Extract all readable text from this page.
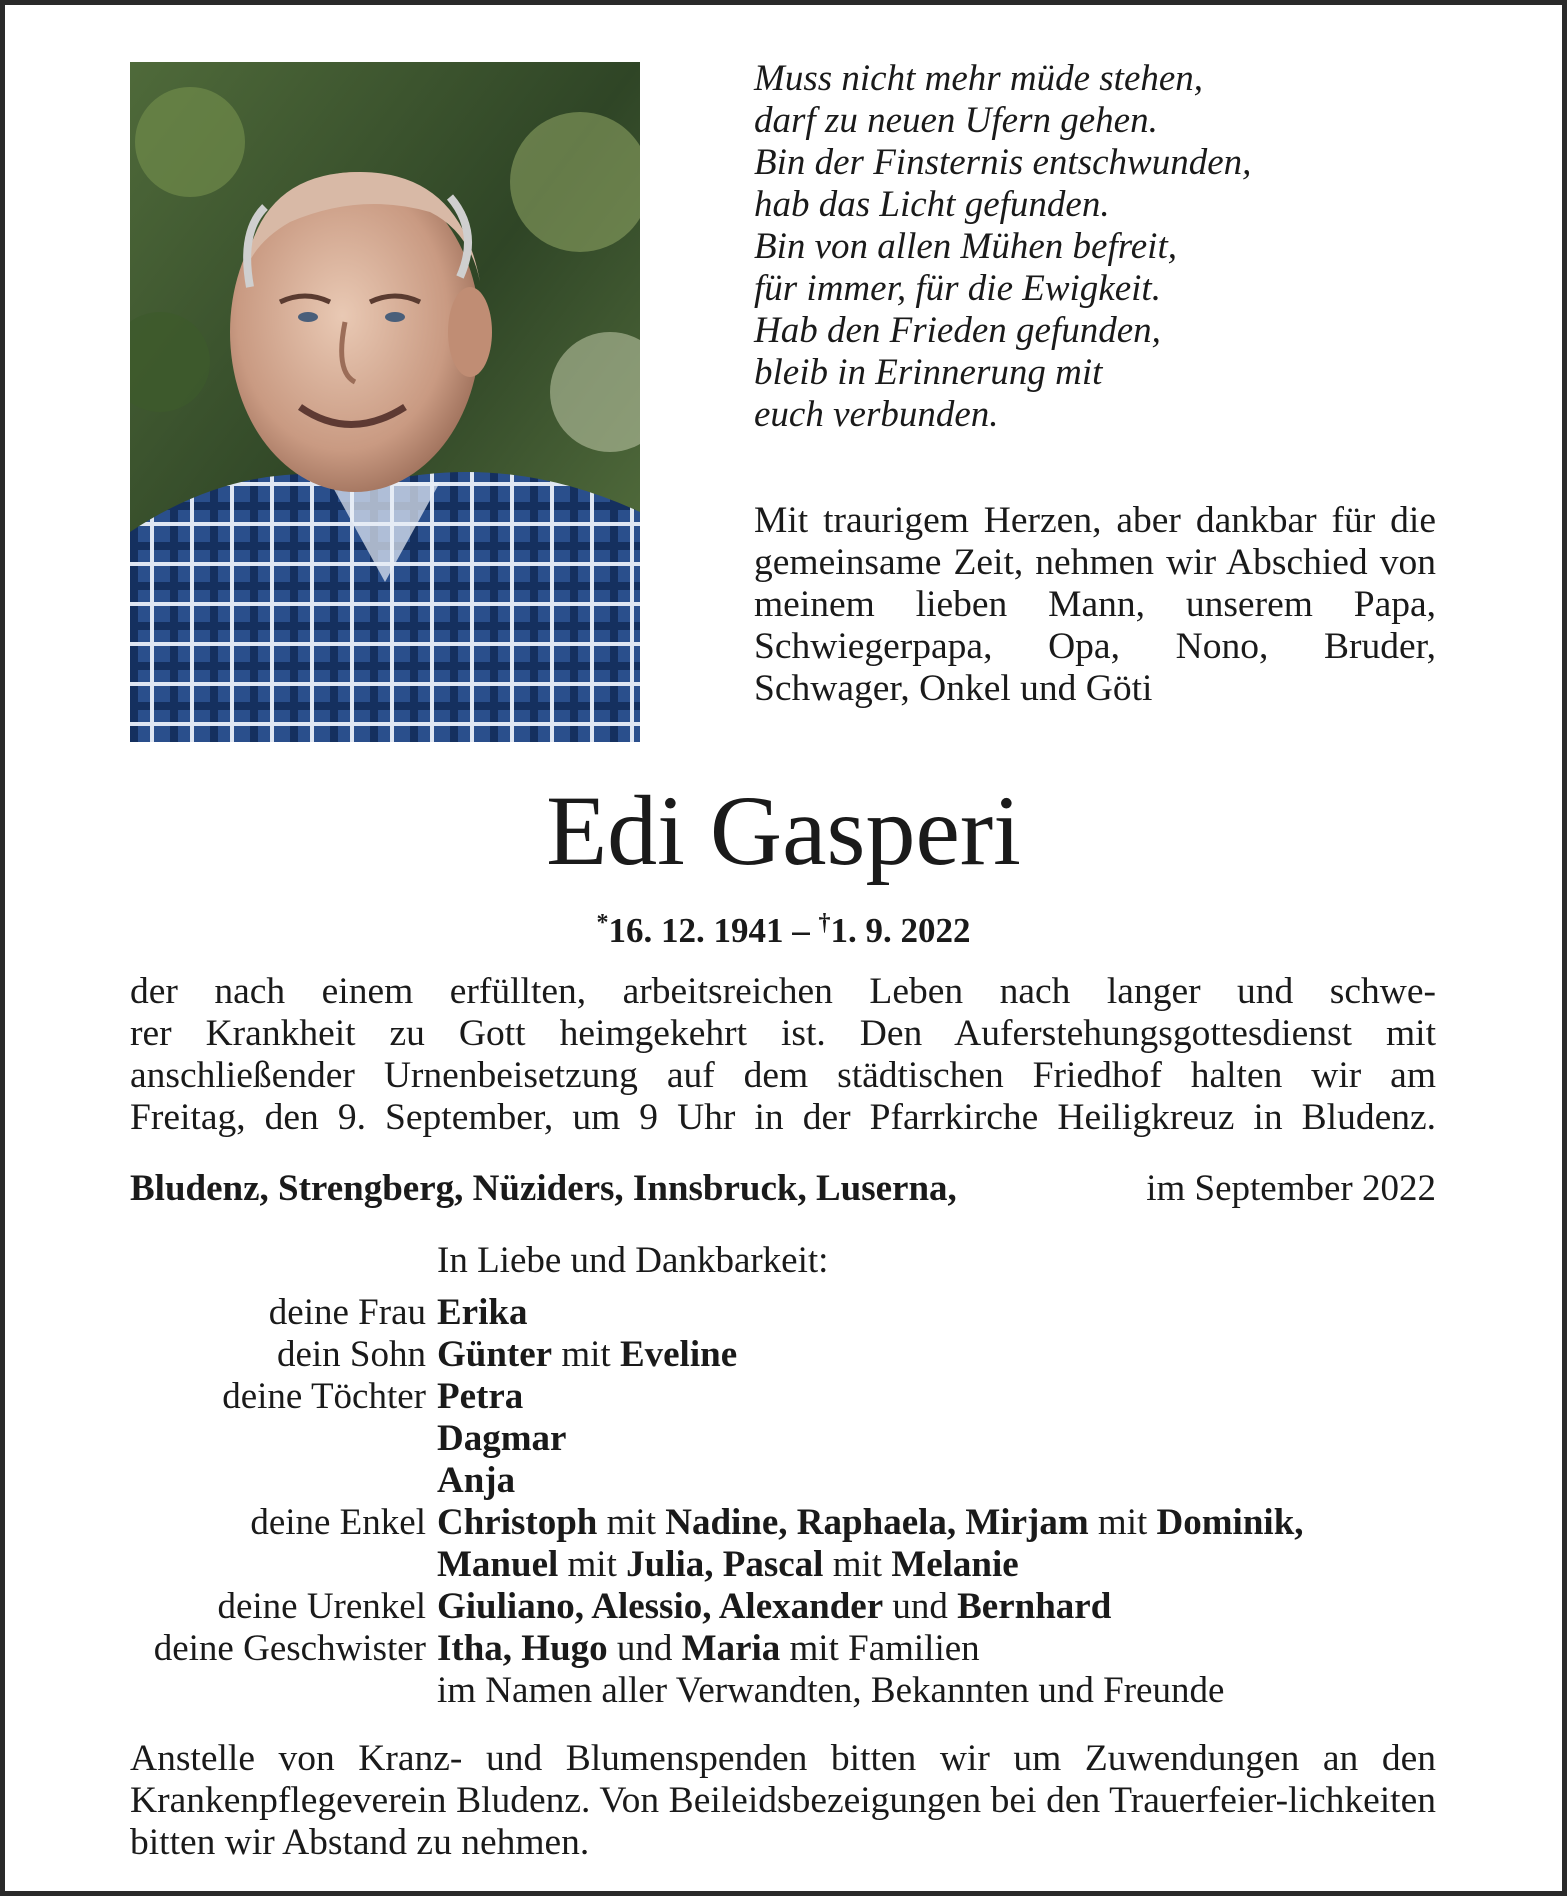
Muss nicht mehr müde stehen,
darf zu neuen Ufern gehen.
Bin der Finsternis entschwunden,
hab das Licht gefunden.
Bin von allen Mühen befreit,
für immer, für die Ewigkeit.
Hab den Frieden gefunden,
bleib in Erinnerung mit
euch verbunden.
Mit traurigem Herzen, aber dankbar für die gemeinsame Zeit, nehmen wir Abschied von meinem lieben Mann, unserem Papa, Schwiegerpapa, Opa, Nono, Bruder, Schwager, Onkel und Göti
Edi Gasperi
*16. 12. 1941 – †1. 9. 2022
der nach einem erfüllten, arbeitsreichen Leben nach langer und schwe-
rer Krankheit zu Gott heimgekehrt ist. Den Auferstehungsgottesdienst mit
anschließender Urnenbeisetzung auf dem städtischen Friedhof halten wir am
Freitag, den 9. September, um 9 Uhr in der Pfarrkirche Heiligkreuz in Bludenz.
Bludenz, Strengberg, Nüziders, Innsbruck, Luserna,	im September 2022
In Liebe und Dankbarkeit:
deine Frau Erika
dein Sohn Günter mit Eveline
deine Töchter Petra
Dagmar
Anja
deine Enkel Christoph mit Nadine, Raphaela, Mirjam mit Dominik,
Manuel mit Julia, Pascal mit Melanie
deine Urenkel Giuliano, Alessio, Alexander und Bernhard
deine Geschwister Itha, Hugo und Maria mit Familien
im Namen aller Verwandten, Bekannten und Freunde
Anstelle von Kranz- und Blumenspenden bitten wir um Zuwendungen an den Krankenpflegeverein Bludenz. Von Beileidsbezeigungen bei den Trauerfeier-lichkeiten bitten wir Abstand zu nehmen.
